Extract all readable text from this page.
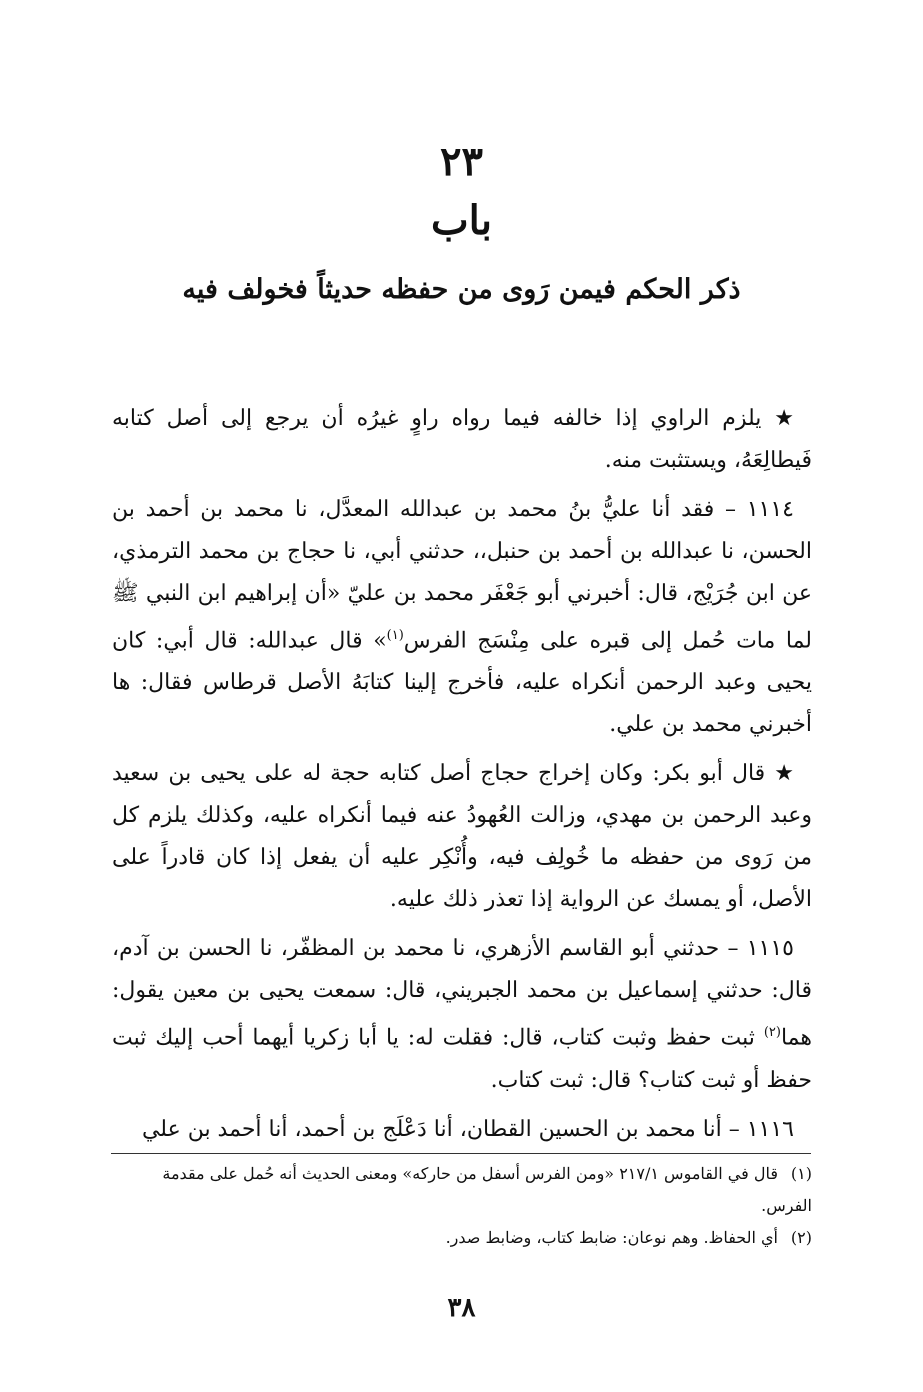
٢٣
باب
ذكر الحكم فيمن رَوى من حفظه حديثاً فخولف فيه

★ يلزم الراوي إذا خالفه فيما رواه راوٍ غيرُه أن يرجع إلى أصل كتابه فَيطالِعَهُ، ويستثبت منه.

١١١٤ – فقد أنا عليُّ بنُ محمد بن عبدالله المعدَّل، نا محمد بن أحمد بن الحسن، نا عبدالله بن أحمد بن حنبل،، حدثني أبي، نا حجاج بن محمد الترمذي، عن ابن جُرَيْج، قال: أخبرني أبو جَعْفَر محمد بن عليّ «أن إبراهيم ابن النبي ﷺ لما مات حُمل إلى قبره على مِنْسَج الفرس$^{(١)}$» قال عبدالله: قال أبي: كان يحيى وعبد الرحمن أنكراه عليه، فأخرج إلينا كتابَهُ الأصل قرطاس فقال: ها أخبرني محمد بن علي.

★ قال أبو بكر: وكان إخراج حجاج أصل كتابه حجة له على يحيى بن سعيد وعبد الرحمن بن مهدي، وزالت العُهودُ عنه فيما أنكراه عليه، وكذلك يلزم كل من رَوى من حفظه ما خُولِف فيه، وأُنْكِر عليه أن يفعل إذا كان قادراً على الأصل، أو يمسك عن الرواية إذا تعذر ذلك عليه.

١١١٥ – حدثني أبو القاسم الأزهري، نا محمد بن المظفّر، نا الحسن بن آدم، قال: حدثني إسماعيل بن محمد الجبريني، قال: سمعت يحيى بن معين يقول: هما$^{(٢)}$ ثبت حفظ وثبت كتاب، قال: فقلت له: يا أبا زكريا أيهما أحب إليك ثبت حفظ أو ثبت كتاب؟ قال: ثبت كتاب.

١١١٦ – أنا محمد بن الحسين القطان، أنا دَعْلَج بن أحمد، أنا أحمد بن علي

(١)قال في القاموس ٢١٧/١ «ومن الفرس أسفل من حاركه» ومعنى الحديث أنه حُمل على مقدمة الفرس.

(٢)أي الحفاظ. وهم نوعان: ضابط كتاب، وضابط صدر.

٣٨
